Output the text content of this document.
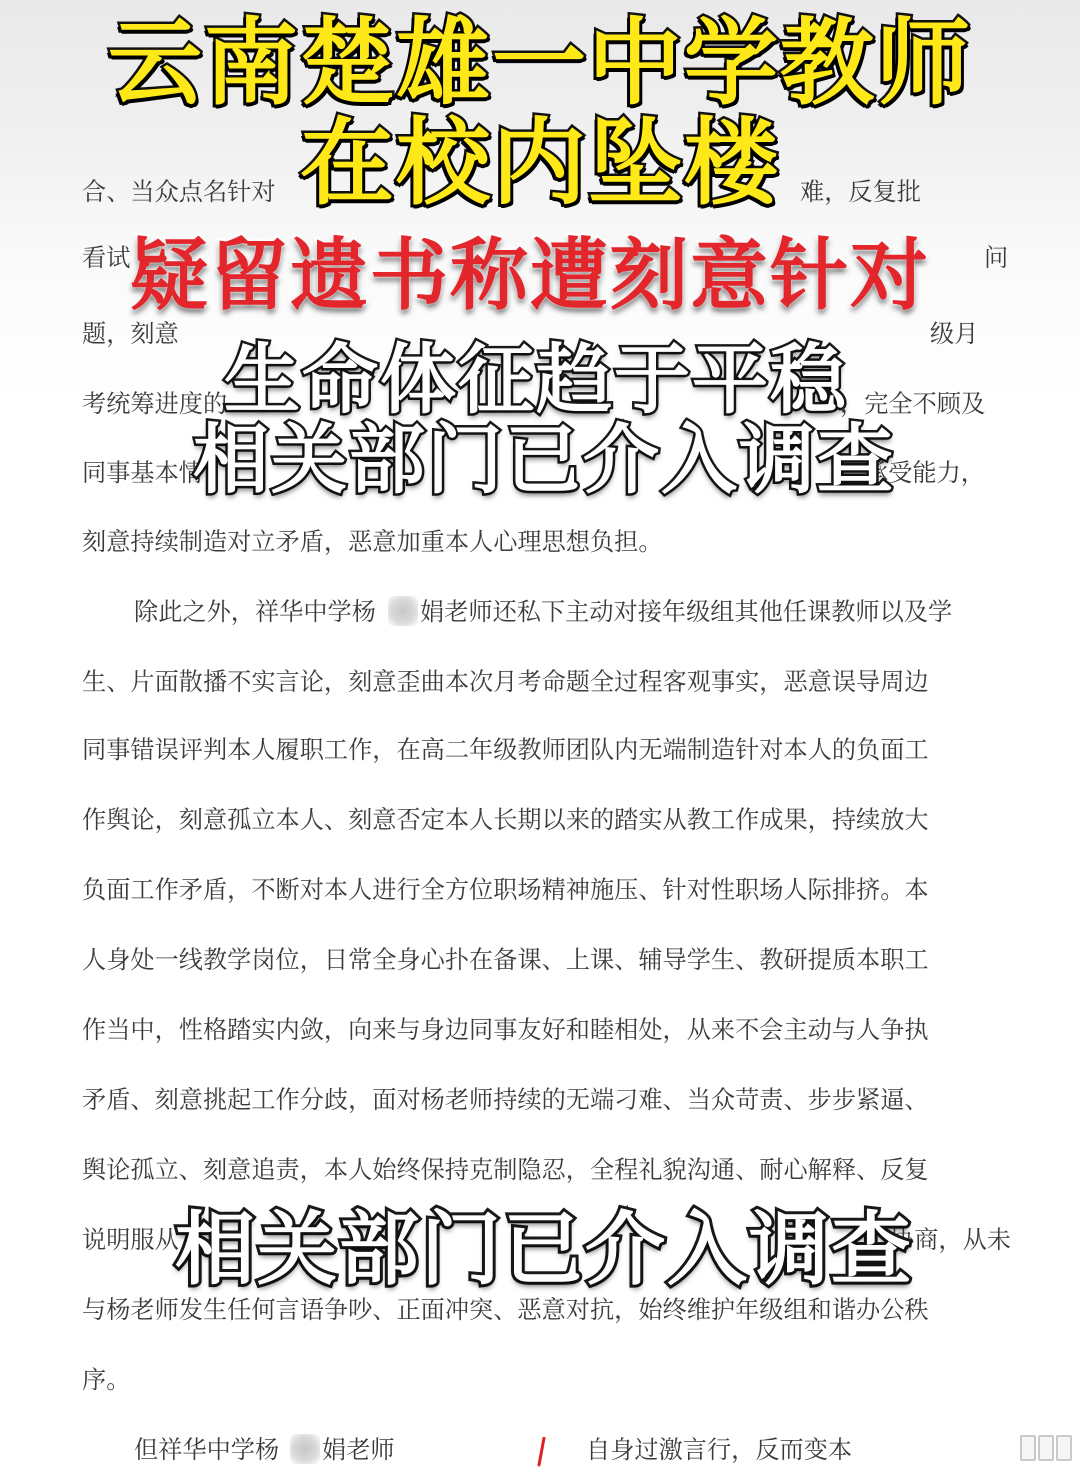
合、当众点名针对	难，反复批
看试	问
题，刻意	级月
考统筹进度的	，完全不顾及
同事基本情	承受能力，
刻意持续制造对立矛盾，恶意加重本人心理思想负担。
除此之外，祥华中学杨	娟老师还私下主动对接年级组其他任课教师以及学
生、片面散播不实言论，刻意歪曲本次月考命题全过程客观事实，恶意误导周边
同事错误评判本人履职工作，在高二年级教师团队内无端制造针对本人的负面工
作舆论，刻意孤立本人、刻意否定本人长期以来的踏实从教工作成果，持续放大
负面工作矛盾，不断对本人进行全方位职场精神施压、针对性职场人际排挤。本
人身处一线教学岗位，日常全身心扑在备课、上课、辅导学生、教研提质本职工
作当中，性格踏实内敛，向来与身边同事友好和睦相处，从来不会主动与人争执
矛盾、刻意挑起工作分歧，面对杨老师持续的无端刁难、当众苛责、步步紧逼、
舆论孤立、刻意追责，本人始终保持克制隐忍，全程礼貌沟通、耐心解释、反复
说明服从	协商，从未
与杨老师发生任何言语争吵、正面冲突、恶意对抗，始终维护年级组和谐办公秩
序。
但祥华中学杨	娟老师	自身过激言行，反而变本
云南楚雄一中学教师
在校内坠楼
疑留遗书称遭刻意针对
生命体征趋于平稳
相关部门已介入调查
相关部门已介入调查
